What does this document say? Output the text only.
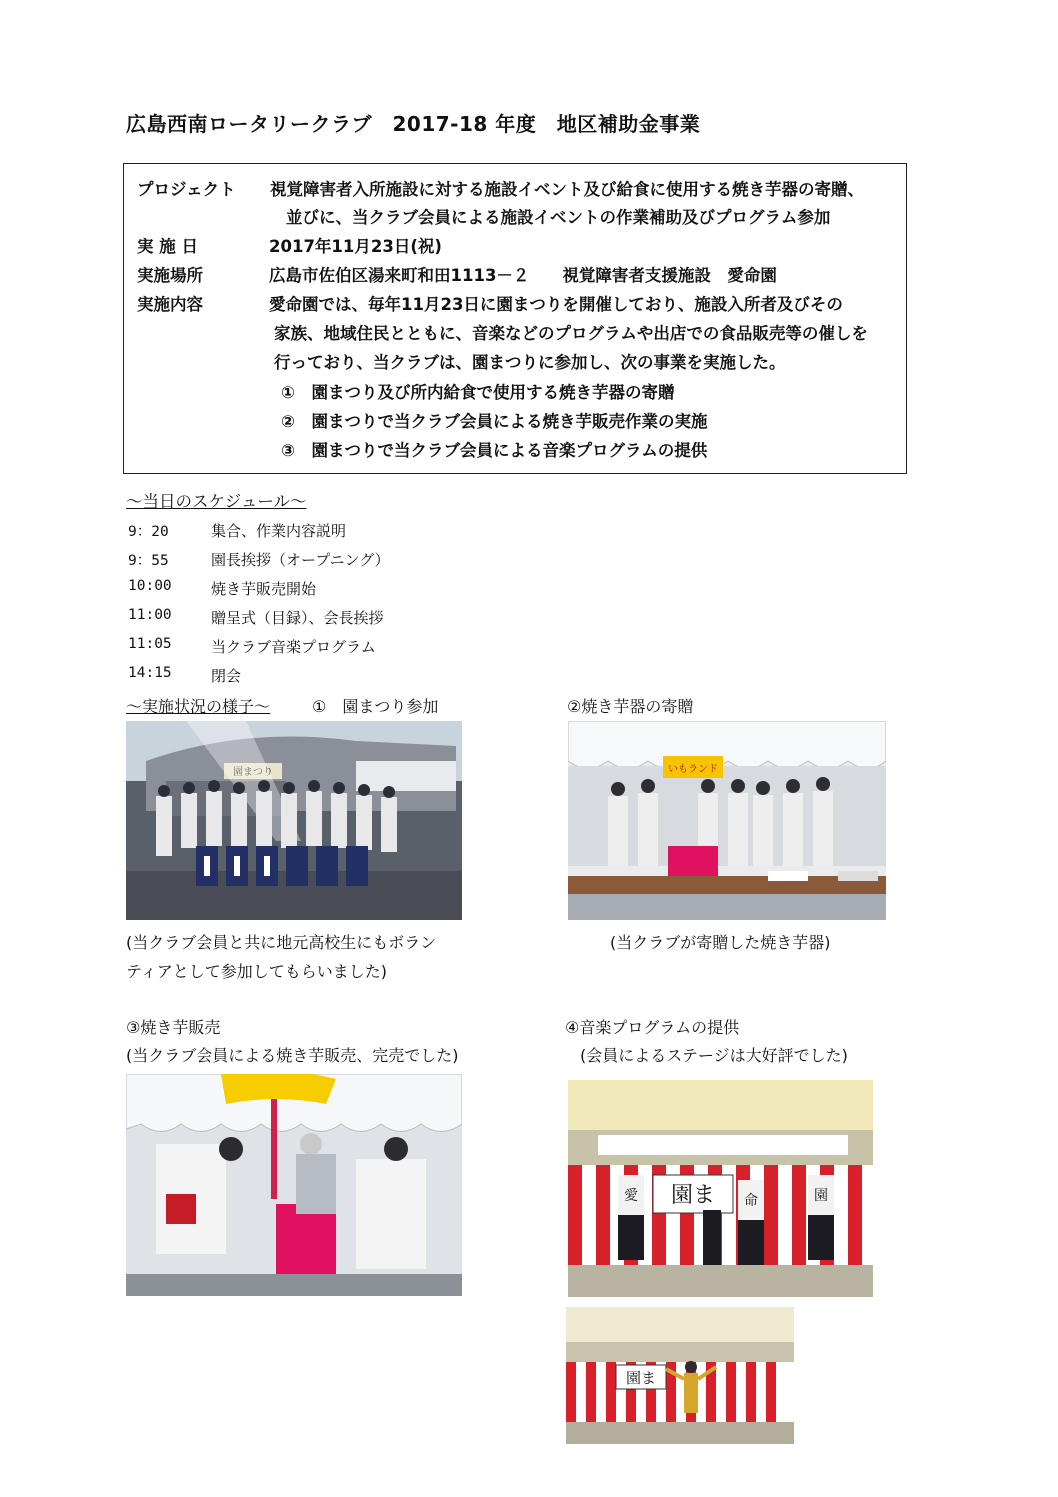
広島西南ロータリークラブ　2017-18 年度　地区補助金事業
プロジェクト 視覚障害者入所施設に対する施設イベント及び給食に使用する焼き芋器の寄贈、
並びに、当クラブ会員による施設イベントの作業補助及びプログラム参加
実 施 日	2017年11月23日(祝)
実施場所	広島市佐伯区湯来町和田1113－２　　視覚障害者支援施設　愛命園
実施内容	愛命園では、毎年11月23日に園まつりを開催しており、施設入所者及びその
家族、地域住民とともに、音楽などのプログラムや出店での食品販売等の催しを
行っており、当クラブは、園まつりに参加し、次の事業を実施した。
①　園まつり及び所内給食で使用する焼き芋器の寄贈
②　園まつりで当クラブ会員による焼き芋販売作業の実施
③　園まつりで当クラブ会員による音楽プログラムの提供
～当日のスケジュール～
9：20	集合、作業内容説明
9：55	園長挨拶（オープニング）
10:00	焼き芋販売開始
11:00	贈呈式（目録）、会長挨拶
11:05	当クラブ音楽プログラム
14:15	閉会
～実施状況の様子～	①　園まつり参加	②焼き芋器の寄贈
園まつり
(当クラブ会員と共に地元高校生にもボラン
ティアとして参加してもらいました)
いもランド
(当クラブが寄贈した焼き芋器)
③焼き芋販売
(当クラブ会員による焼き芋販売、完売でした)
④音楽プログラムの提供
(会員によるステージは大好評でした)
園ま
愛	命	園
園ま
